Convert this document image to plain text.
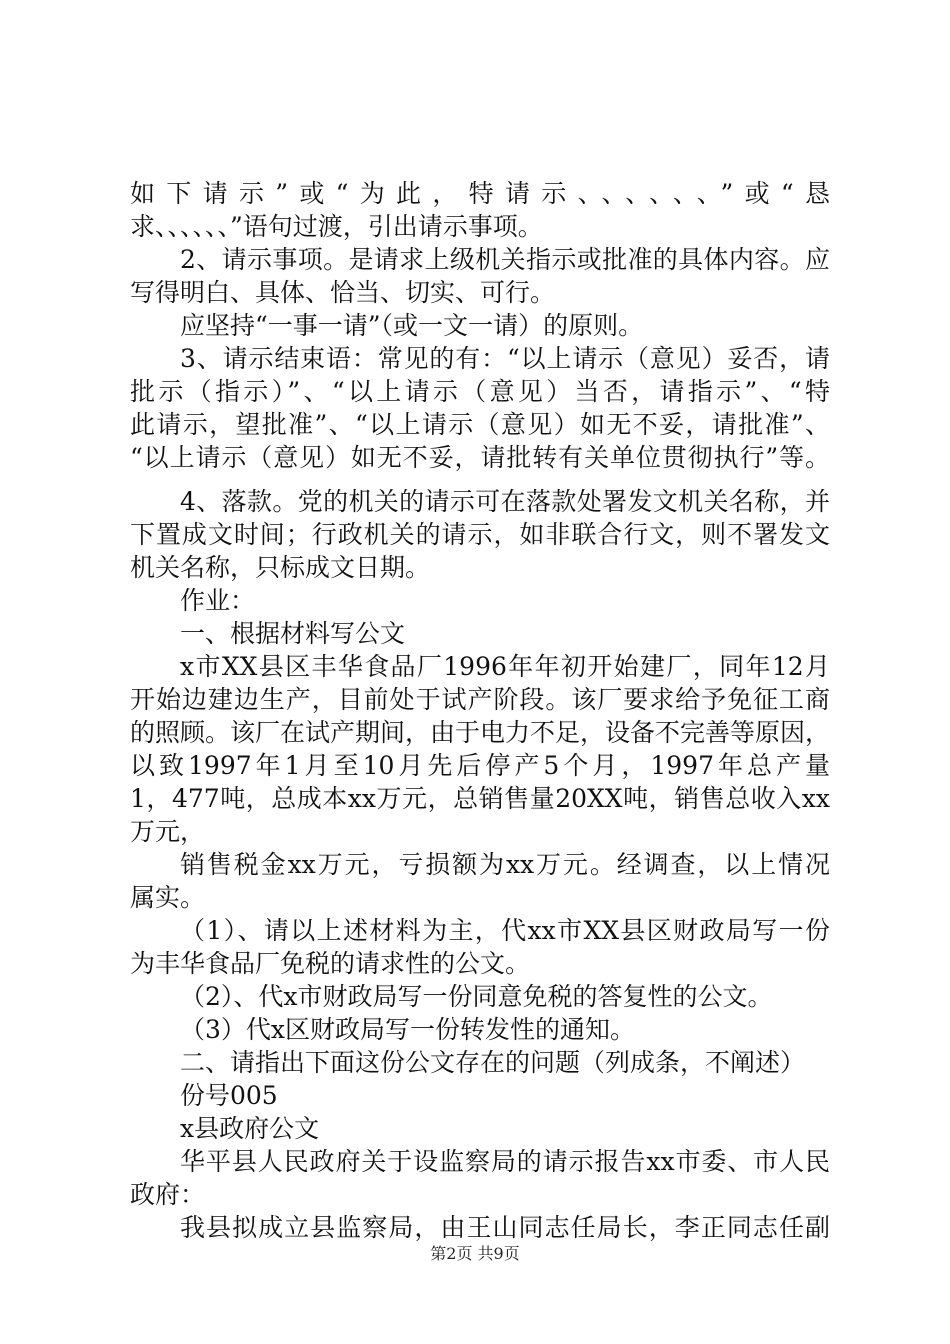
如下请示”或“为此，特请示、、、、、、”或“恳
求、、、、、、”语句过渡，引出请示事项。
2、请示事项。是请求上级机关指示或批准的具体内容。应
写得明白、具体、恰当、切实、可行。
应坚持“一事一请”（或一文一请）的原则。
3、请示结束语：常见的有：“以上请示（意见）妥否，请
批示（指示）”、“以上请示（意见）当否，请指示”、“特
此请示，望批准”、“以上请示（意见）如无不妥，请批准”、
“以上请示（意见）如无不妥，请批转有关单位贯彻执行”等。
4、落款。党的机关的请示可在落款处署发文机关名称，并
下置成文时间；行政机关的请示，如非联合行文，则不署发文
机关名称，只标成文日期。
作业：
一、根据材料写公文
x市XX县区丰华食品厂1996年年初开始建厂，同年12月
开始边建边生产，目前处于试产阶段。该厂要求给予免征工商
的照顾。该厂在试产期间，由于电力不足，设备不完善等原因，
以致1997年1月至10月先后停产5个月，1997年总产量
1，477吨，总成本xx万元，总销售量20XX吨，销售总收入xx
万元，
销售税金xx万元，亏损额为xx万元。经调查，以上情况
属实。
（1）、请以上述材料为主，代xx市XX县区财政局写一份
为丰华食品厂免税的请求性的公文。
（2）、代x市财政局写一份同意免税的答复性的公文。
（3）代x区财政局写一份转发性的通知。
二、请指出下面这份公文存在的问题（列成条，不阐述）
份号005
x县政府公文
华平县人民政府关于设监察局的请示报告xx市委、市人民
政府：
我县拟成立县监察局，由王山同志任局长，李正同志任副
第2页 共9页
